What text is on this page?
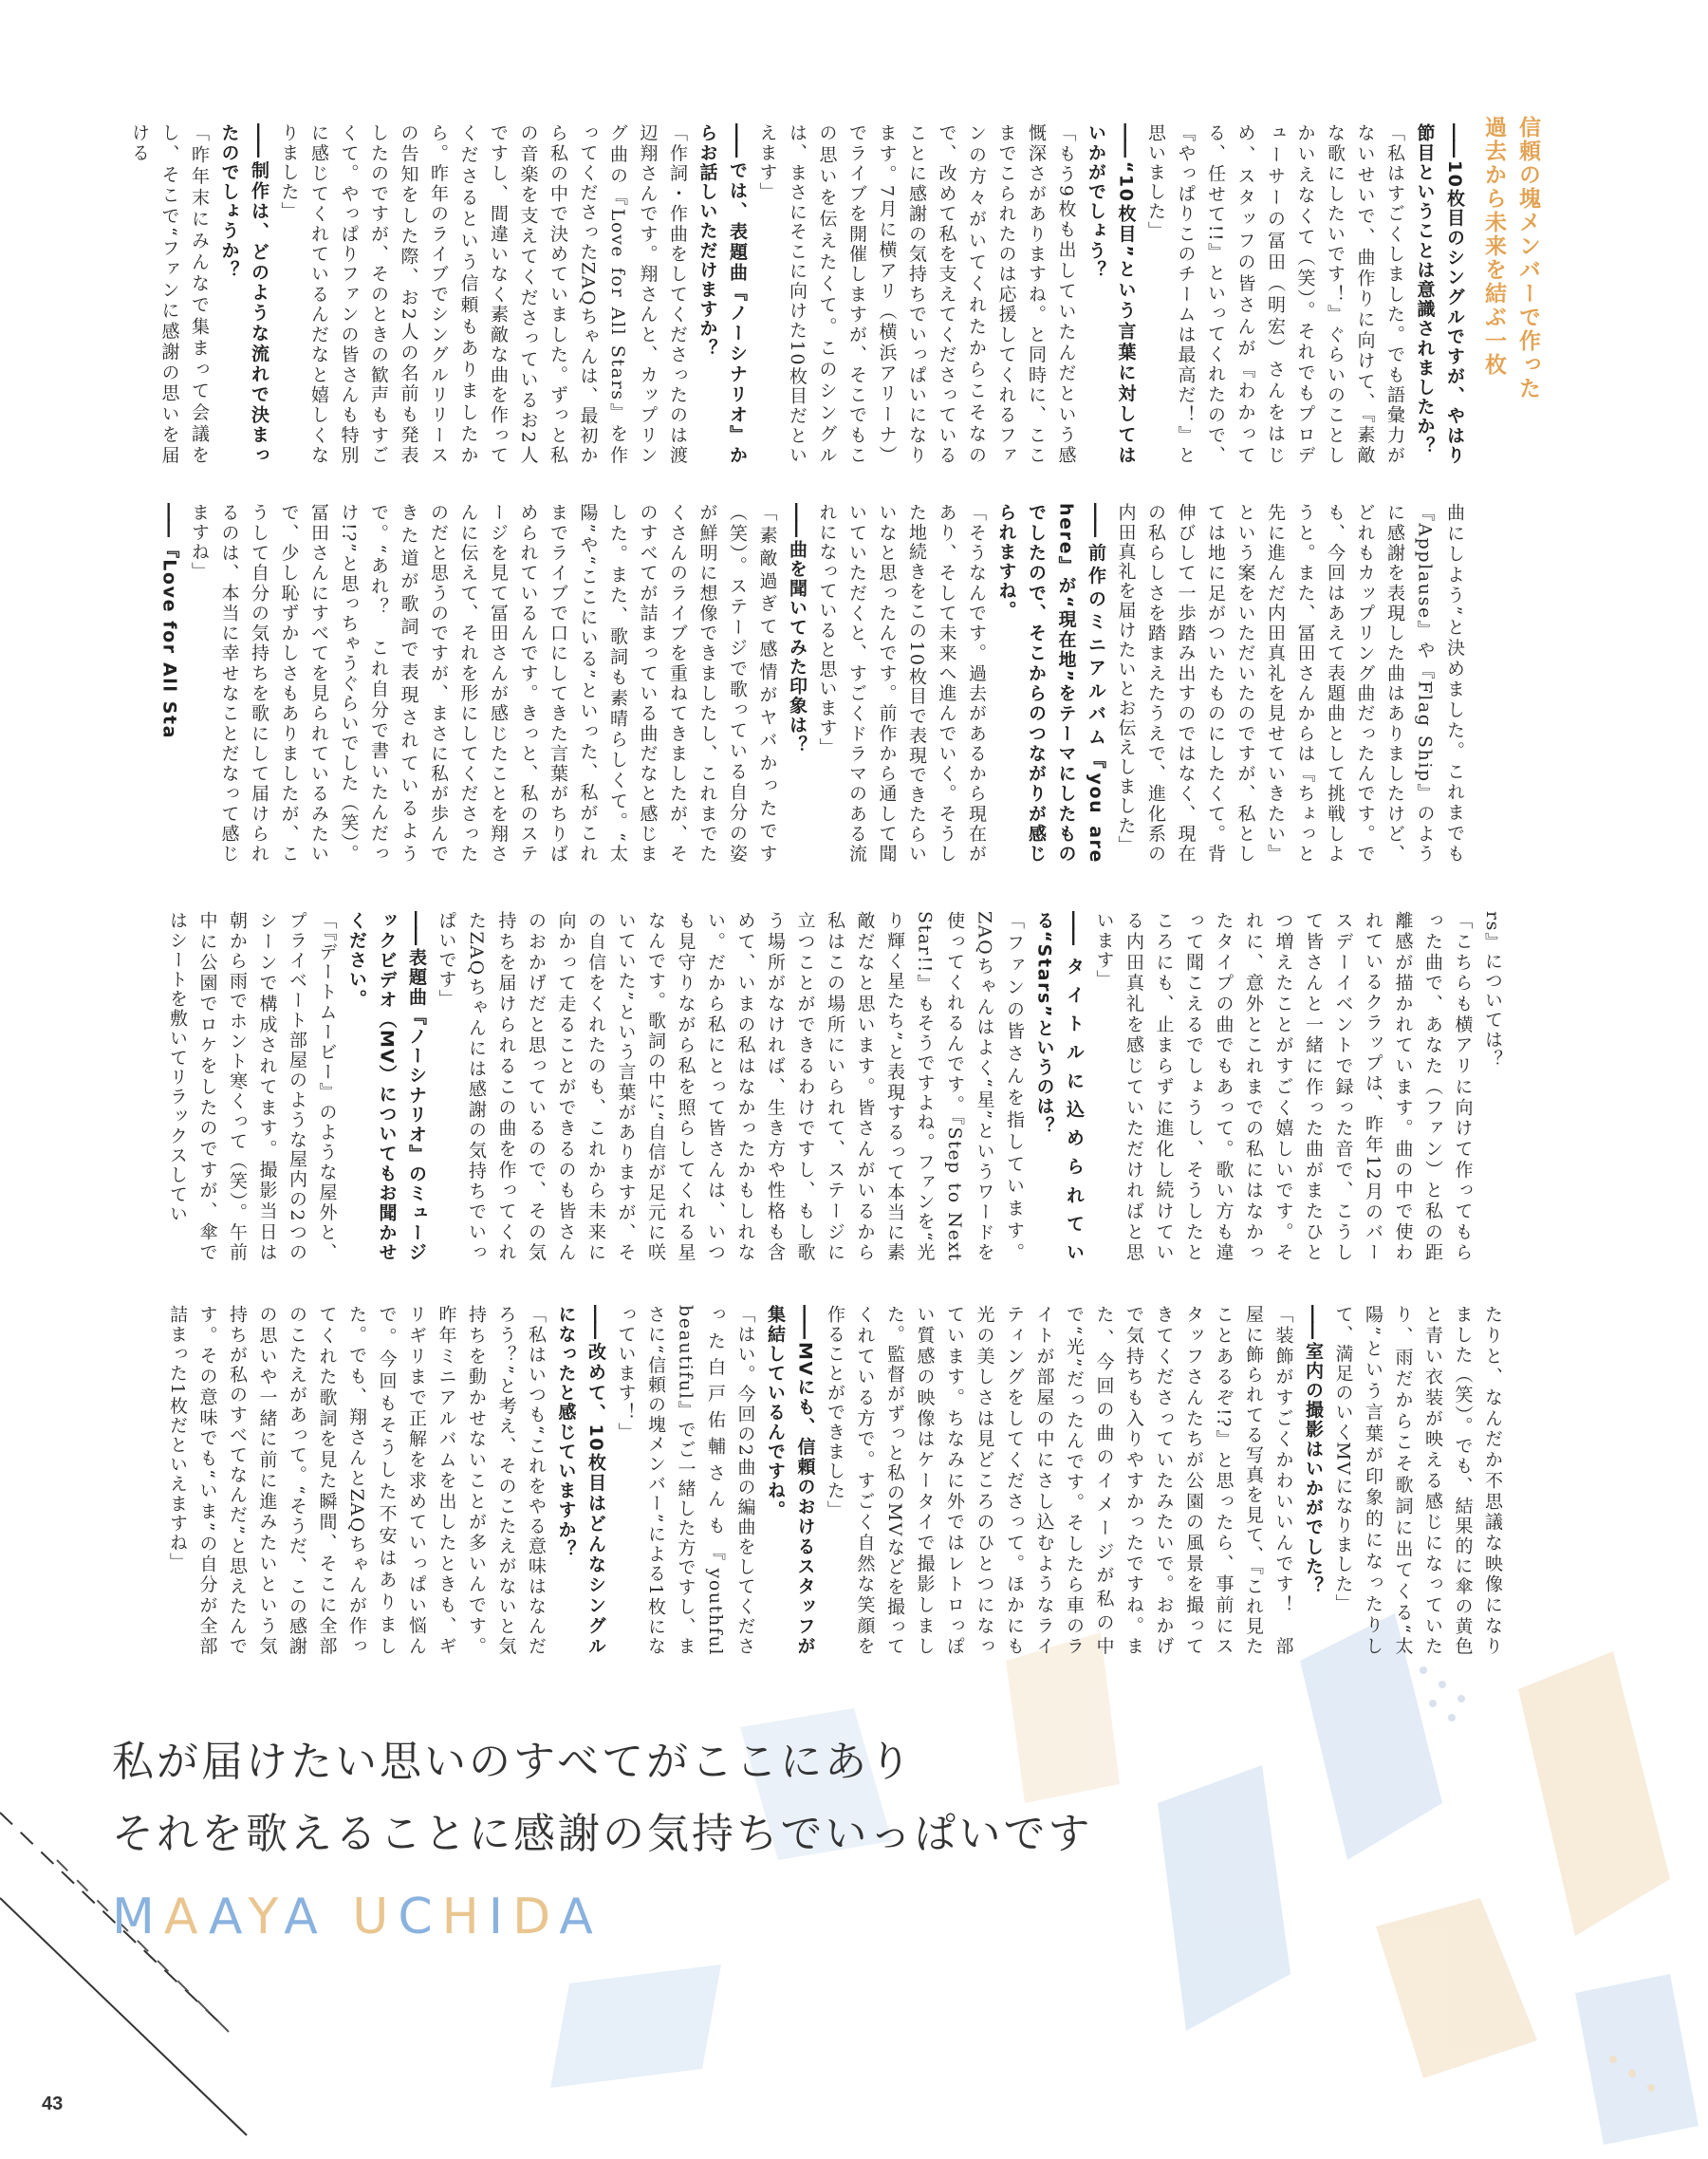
信頼の塊メンバーで作った
過去から未来を結ぶ一枚
―― 10枚目のシングルですが、やはり節目ということは意識されましたか？
「私はすごくしました。でも語彙力がないせいで、曲作りに向けて、『素敵な歌にしたいです！』ぐらいのことしかいえなくて（笑）。それでもプロデューサーの冨田（明宏）さんをはじめ、スタッフの皆さんが『わかってる、任せて!!』といってくれたので、『やっぱりこのチームは最高だ！』と思いました」
―― “10枚目”という言葉に対してはいかがでしょう？
「もう9枚も出していたんだという感慨深さがありますね。と同時に、ここまでこられたのは応援してくれるファンの方々がいてくれたからこそなので、改めて私を支えてくださっていることに感謝の気持ちでいっぱいになります。7月に横アリ（横浜アリーナ）でライブを開催しますが、そこでもこの思いを伝えたくて。このシングルは、まさにそこに向けた10枚目だといえます」
―― では、表題曲『ノーシナリオ』からお話しいただけますか？
「作詞・作曲をしてくださったのは渡辺翔さんです。翔さんと、カップリング曲の『Love for All Stars』を作ってくださったZAQちゃんは、最初から私の中で決めていました。ずっと私の音楽を支えてくださっているお2人ですし、間違いなく素敵な曲を作ってくださるという信頼もありましたから。昨年のライブでシングルリリースの告知をした際、お2人の名前も発表したのですが、そのときの歓声もすごくて。やっぱりファンの皆さんも特別に感じてくれているんだなと嬉しくなりました」
―― 制作は、どのような流れで決まったのでしょうか？
「昨年末にみんなで集まって会議をし、そこで“ファンに感謝の思いを届ける

曲にしよう”と決めました。これまでも『Applause』や『Flag Ship』のように感謝を表現した曲はありましたけど、どれもカップリング曲だったんです。でも、今回はあえて表題曲として挑戦しようと。また、冨田さんからは『ちょっと先に進んだ内田真礼を見せていきたい』という案をいただいたのですが、私としては地に足がついたものにしたくて。背伸びして一歩踏み出すのではなく、現在の私らしさを踏まえたうえで、進化系の内田真礼を届けたいとお伝えしました」
―― 前作のミニアルバム『you are here』が“現在地”をテーマにしたものでしたので、そこからのつながりが感じられますね。
「そうなんです。過去があるから現在があり、そして未来へ進んでいく。そうした地続きをこの10枚目で表現できたらいいなと思ったんです。前作から通して聞いていただくと、すごくドラマのある流れになっていると思います」
―― 曲を聞いてみた印象は？
「素敵過ぎて感情がヤバかったです（笑）。ステージで歌っている自分の姿が鮮明に想像できましたし、これまでたくさんのライブを重ねてきましたが、そのすべてが詰まっている曲だなと感じました。また、歌詞も素晴らしくて。“太陽”や“ここにいる”といった、私がこれまでライブで口にしてきた言葉がちりばめられているんです。きっと、私のステージを見て冨田さんが感じたことを翔さんに伝えて、それを形にしてくださったのだと思うのですが、まさに私が歩んできた道が歌詞で表現されているようで。“あれ？　これ自分で書いたんだっけ!?”と思っちゃうぐらいでした（笑）。冨田さんにすべてを見られているみたいで、少し恥ずかしさもありましたが、こうして自分の気持ちを歌にして届けられるのは、本当に幸せなことだなって感じますね」
―― 『Love for All Sta

rs』については？
「こちらも横アリに向けて作ってもらった曲で、あなた（ファン）と私の距離感が描かれています。曲の中で使われているクラップは、昨年12月のバースデーイベントで録った音で、こうして皆さんと一緒に作った曲がまたひとつ増えたことがすごく嬉しいです。それに、意外とこれまでの私にはなかったタイプの曲でもあって。歌い方も違って聞こえるでしょうし、そうしたところにも、止まらずに進化し続けている内田真礼を感じていただければと思います」
―― タイトルに込められている“Stars”というのは？
「ファンの皆さんを指しています。ZAQちゃんはよく“星”というワードを使ってくれるんです。『Step to Next Star!!』もそうですよね。ファンを“光り輝く星たち”と表現するって本当に素敵だなと思います。皆さんがいるから私はこの場所にいられて、ステージに立つことができるわけですし、もし歌う場所がなければ、生き方や性格も含めて、いまの私はなかったかもしれない。だから私にとって皆さんは、いつも見守りながら私を照らしてくれる星なんです。歌詞の中に“自信が足元に咲いていた”という言葉がありますが、その自信をくれたのも、これから未来に向かって走ることができるのも皆さんのおかげだと思っているので、その気持ちを届けられるこの曲を作ってくれたZAQちゃんには感謝の気持ちでいっぱいです」
―― 表題曲『ノーシナリオ』のミュージックビデオ（MV）についてもお聞かせください。
「『デートムービー』のような屋外と、プライベート部屋のような屋内の2つのシーンで構成されてます。撮影当日は朝から雨でホント寒くって（笑）。午前中に公園でロケをしたのですが、傘ではシートを敷いてリラックスしてい

たりと、なんだか不思議な映像になりました（笑）。でも、結果的に傘の黄色と青い衣装が映える感じになっていたり、雨だからこそ歌詞に出てくる“太陽”という言葉が印象的になったりして、満足のいくMVになりました」
―― 室内の撮影はいかがでした？
「装飾がすごくかわいいんです！　部屋に飾られてる写真を見て、『これ見たことあるぞ!?』と思ったら、事前にスタッフさんたちが公園の風景を撮ってきてくださっていたみたいで。おかげで気持ちも入りやすかったですね。また、今回の曲のイメージが私の中で“光”だったんです。そしたら車のライトが部屋の中にさし込むようなライティングをしてくださって。ほかにも光の美しさは見どころのひとつになっています。ちなみに外ではレトロっぽい質感の映像はケータイで撮影しました。監督がずっと私のMVなどを撮ってくれている方で。すごく自然な笑顔を作ることができました」
―― MVにも、信頼のおけるスタッフが集結しているんですね。
「はい。今回の2曲の編曲をしてくださった白戸佑輔さんも『youthful beautiful』でご一緒した方ですし、まさに“信頼の塊メンバー”による1枚になっています！」
―― 改めて、10枚目はどんなシングルになったと感じていますか？
「私はいつも“これをやる意味はなんだろう？”と考え、そのこたえがないと気持ちを動かせないことが多いんです。昨年ミニアルバムを出したときも、ギリギリまで正解を求めていっぱい悩んで。今回もそうした不安はありました。でも、翔さんとZAQちゃんが作ってくれた歌詞を見た瞬間、そこに全部のこたえがあって。“そうだ、この感謝の思いや一緒に前に進みたいという気持ちが私のすべてなんだ”と思えたんです。その意味でも“いま”の自分が全部詰まった1枚だといえますね」

私が届けたい思いのすべてがここにあり

それを歌えることに感謝の気持ちでいっぱいです

MAAYA UCHIDA

43
